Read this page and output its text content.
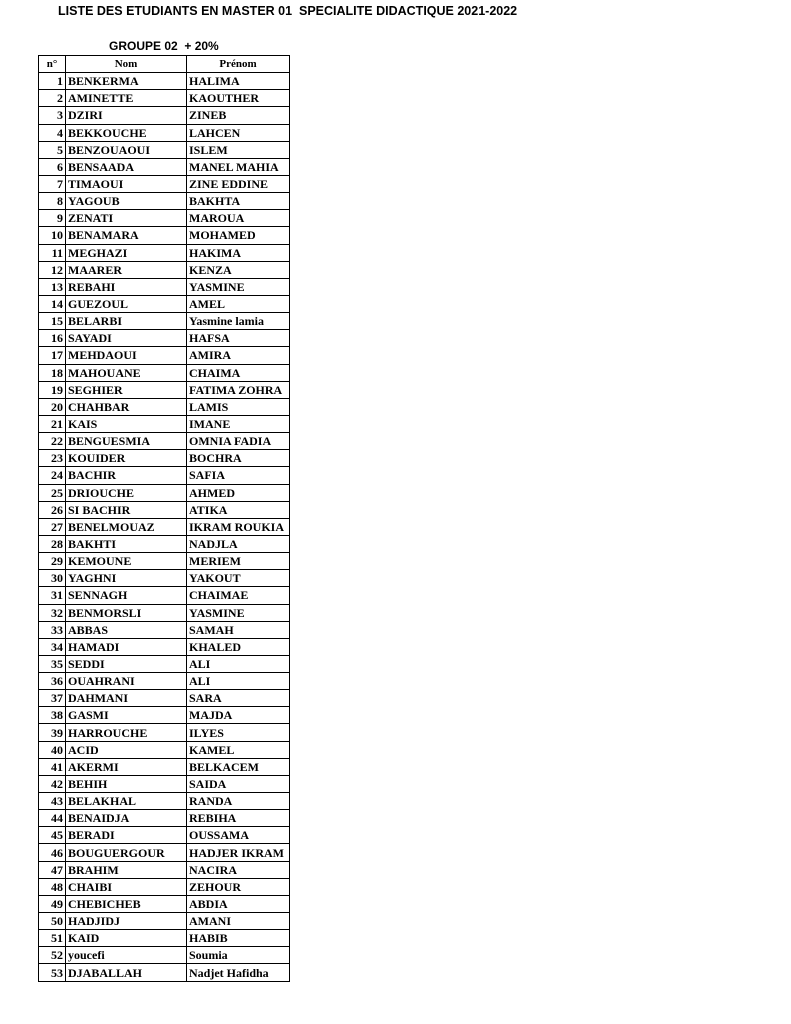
LISTE DES ETUDIANTS EN MASTER 01  SPECIALITE DIDACTIQUE 2021-2022
GROUPE 02  + 20%
n°	Nom	Prénom
1	BENKERMA	HALIMA
2	AMINETTE	KAOUTHER
3	DZIRI	ZINEB
4	BEKKOUCHE	LAHCEN
5	BENZOUAOUI	ISLEM
6	BENSAADA	MANEL MAHIA
7	TIMAOUI	ZINE EDDINE
8	YAGOUB	BAKHTA
9	ZENATI	MAROUA
10	BENAMARA	MOHAMED
11	MEGHAZI	HAKIMA
12	MAARER	KENZA
13	REBAHI	YASMINE
14	GUEZOUL	AMEL
15	BELARBI	Yasmine lamia
16	SAYADI	HAFSA
17	MEHDAOUI	AMIRA
18	MAHOUANE	CHAIMA
19	SEGHIER	FATIMA ZOHRA
20	CHAHBAR	LAMIS
21	KAIS	IMANE
22	BENGUESMIA	OMNIA FADIA
23	KOUIDER	BOCHRA
24	BACHIR	SAFIA
25	DRIOUCHE	AHMED
26	SI BACHIR	ATIKA
27	BENELMOUAZ	IKRAM ROUKIA
28	BAKHTI	NADJLA
29	KEMOUNE	MERIEM
30	YAGHNI	YAKOUT
31	SENNAGH	CHAIMAE
32	BENMORSLI	YASMINE
33	ABBAS	SAMAH
34	HAMADI	KHALED
35	SEDDI	ALI
36	OUAHRANI	ALI
37	DAHMANI	SARA
38	GASMI	MAJDA
39	HARROUCHE	ILYES
40	ACID	KAMEL
41	AKERMI	BELKACEM
42	BEHIH	SAIDA
43	BELAKHAL	RANDA
44	BENAIDJA	REBIHA
45	BERADI	OUSSAMA
46	BOUGUERGOUR	HADJER IKRAM
47	BRAHIM	NACIRA
48	CHAIBI	ZEHOUR
49	CHEBICHEB	ABDIA
50	HADJIDJ	AMANI
51	KAID	HABIB
52	youcefi	Soumia
53	DJABALLAH	Nadjet Hafidha
